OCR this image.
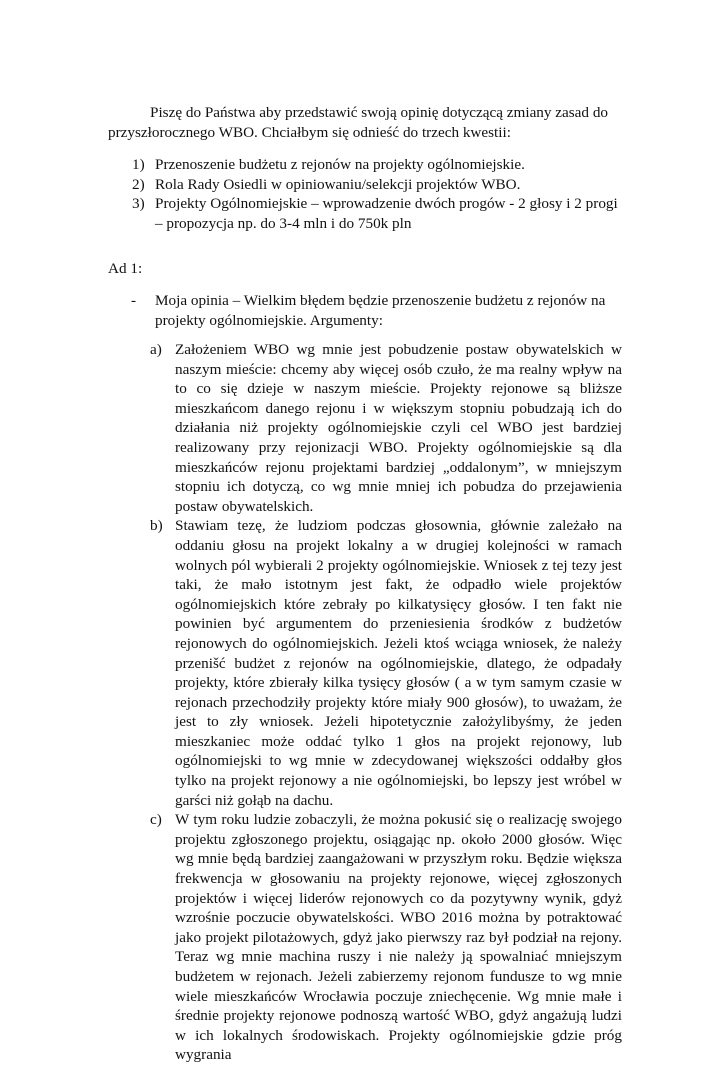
Piszę do Państwa aby przedstawić swoją opinię dotyczącą zmiany zasad do przyszłorocznego WBO. Chciałbym się odnieść do trzech kwestii:

1) Przenoszenie budżetu z rejonów na projekty ogólnomiejskie.
2) Rola Rady Osiedli w opiniowaniu/selekcji projektów WBO.
3) Projekty Ogólnomiejskie – wprowadzenie dwóch progów - 2 głosy i 2 progi – propozycja np. do 3-4 mln i do 750k pln

Ad 1:

-	Moja opinia – Wielkim błędem będzie przenoszenie budżetu z rejonów na projekty ogólnomiejskie. Argumenty:
a) Założeniem WBO wg mnie jest pobudzenie postaw obywatelskich w naszym mieście: chcemy aby więcej osób czuło, że ma realny wpływ na to co się dzieje w naszym mieście. Projekty rejonowe są bliższe mieszkańcom danego rejonu i w większym stopniu pobudzają ich do działania niż projekty ogólnomiejskie czyli cel WBO jest bardziej realizowany przy rejonizacji WBO. Projekty ogólnomiejskie są dla mieszkańców rejonu projektami bardziej „oddalonym”, w mniejszym stopniu ich dotyczą, co wg mnie mniej ich pobudza do przejawienia postaw obywatelskich.
b) Stawiam tezę, że ludziom podczas głosownia, głównie zależało na oddaniu głosu na projekt lokalny a w drugiej kolejności w ramach wolnych pól wybierali 2 projekty ogólnomiejskie. Wniosek z tej tezy jest taki, że mało istotnym jest fakt, że odpadło wiele projektów ogólnomiejskich które zebrały po kilkatysięcy głosów. I ten fakt nie powinien być argumentem do przeniesienia środków z budżetów rejonowych do ogólnomiejskich. Jeżeli ktoś wciąga wniosek, że należy przenišć budżet z rejonów na ogólnomiejskie, dlatego, że odpadały projekty, które zbierały kilka tysięcy głosów ( a w tym samym czasie w rejonach przechodziły projekty które miały 900 głosów), to uważam, że jest to zły wniosek. Jeżeli hipotetycznie założylibyśmy, że jeden mieszkaniec może oddać tylko 1 głos na projekt rejonowy, lub ogólnomiejski to wg mnie w zdecydowanej większości oddałby głos tylko na projekt rejonowy a nie ogólnomiejski, bo lepszy jest wróbel w garści niż gołąb na dachu.
c) W tym roku ludzie zobaczyli, że można pokusić się o realizację swojego projektu zgłoszonego projektu, osiągając np. około 2000 głosów. Więc wg mnie będą bardziej zaangażowani w przyszłym roku. Będzie większa frekwencja w głosowaniu na projekty rejonowe, więcej zgłoszonych projektów i więcej liderów rejonowych co da pozytywny wynik, gdyż wzrośnie poczucie obywatelskości. WBO 2016 można by potraktować jako projekt pilotażowych, gdyż jako pierwszy raz był podział na rejony. Teraz wg mnie machina ruszy i nie należy ją spowalniać mniejszym budżetem w rejonach. Jeżeli zabierzemy rejonom fundusze to wg mnie wiele mieszkańców Wrocławia poczuje zniechęcenie. Wg mnie małe i średnie projekty rejonowe podnoszą wartość WBO, gdyż angażują ludzi w ich lokalnych środowiskach. Projekty ogólnomiejskie gdzie próg wygrania
